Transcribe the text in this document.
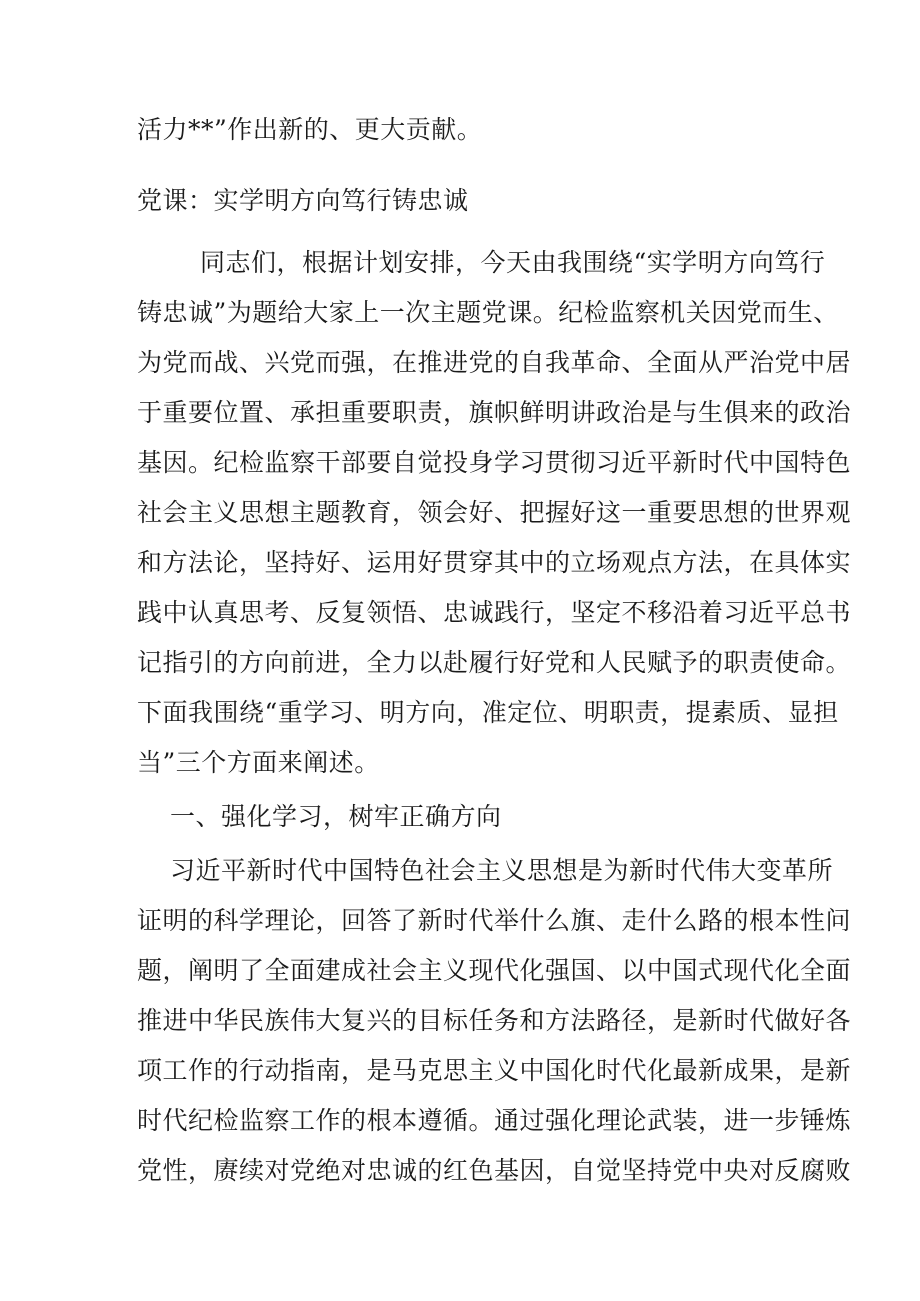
活力**”作出新的、更大贡献。
党课：实学明方向笃行铸忠诚
同志们，根据计划安排，今天由我围绕“实学明方向笃行
铸忠诚”为题给大家上一次主题党课。纪检监察机关因党而生、
为党而战、兴党而强，在推进党的自我革命、全面从严治党中居
于重要位置、承担重要职责，旗帜鲜明讲政治是与生俱来的政治
基因。纪检监察干部要自觉投身学习贯彻习近平新时代中国特色
社会主义思想主题教育，领会好、把握好这一重要思想的世界观
和方法论，坚持好、运用好贯穿其中的立场观点方法，在具体实
践中认真思考、反复领悟、忠诚践行，坚定不移沿着习近平总书
记指引的方向前进，全力以赴履行好党和人民赋予的职责使命。
下面我围绕“重学习、明方向，准定位、明职责，提素质、显担
当”三个方面来阐述。
一、强化学习，树牢正确方向
习近平新时代中国特色社会主义思想是为新时代伟大变革所
证明的科学理论，回答了新时代举什么旗、走什么路的根本性问
题，阐明了全面建成社会主义现代化强国、以中国式现代化全面
推进中华民族伟大复兴的目标任务和方法路径，是新时代做好各
项工作的行动指南，是马克思主义中国化时代化最新成果，是新
时代纪检监察工作的根本遵循。通过强化理论武装，进一步锤炼
党性，赓续对党绝对忠诚的红色基因，自觉坚持党中央对反腐败
